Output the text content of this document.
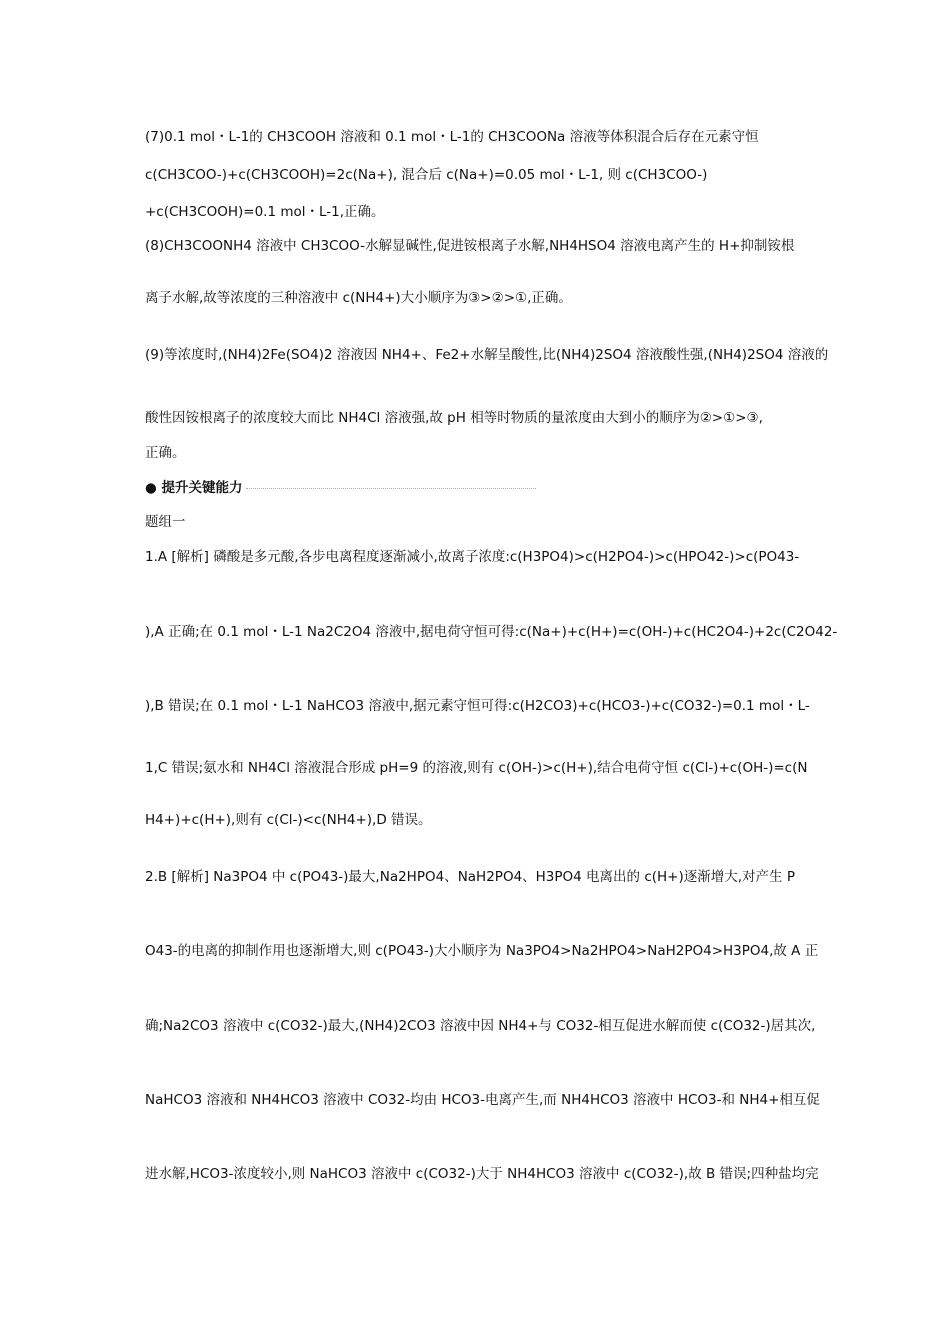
(7)0.1 mol・L-1的 CH3COOH 溶液和 0.1 mol・L-1的 CH3COONa 溶液等体积混合后存在元素守恒
c(CH3COO-)+c(CH3COOH)=2c(Na+), 混合后 c(Na+)=0.05 mol・L-1, 则 c(CH3COO-)
+c(CH3COOH)=0.1 mol・L-1,正确。
(8)CH3COONH4 溶液中 CH3COO-水解显碱性,促进铵根离子水解,NH4HSO4 溶液电离产生的 H+抑制铵根
离子水解,故等浓度的三种溶液中 c(NH4+)大小顺序为③>②>①,正确。
(9)等浓度时,(NH4)2Fe(SO4)2 溶液因 NH4+、Fe2+水解呈酸性,比(NH4)2SO4 溶液酸性强,(NH4)2SO4 溶液的
酸性因铵根离子的浓度较大而比 NH4Cl 溶液强,故 pH 相等时物质的量浓度由大到小的顺序为②>①>③,
正确。
● 提升关键能力
题组一
1.A [解析] 磷酸是多元酸,各步电离程度逐渐减小,故离子浓度:c(H3PO4)>c(H2PO4-)>c(HPO42-)>c(PO43-
),A 正确;在 0.1 mol・L-1 Na2C2O4 溶液中,据电荷守恒可得:c(Na+)+c(H+)=c(OH-)+c(HC2O4-)+2c(C2O42-
),B 错误;在 0.1 mol・L-1 NaHCO3 溶液中,据元素守恒可得:c(H2CO3)+c(HCO3-)+c(CO32-)=0.1 mol・L-
1,C 错误;氨水和 NH4Cl 溶液混合形成 pH=9 的溶液,则有 c(OH-)>c(H+),结合电荷守恒 c(Cl-)+c(OH-)=c(N
H4+)+c(H+),则有 c(Cl-)<c(NH4+),D 错误。
2.B [解析] Na3PO4 中 c(PO43-)最大,Na2HPO4、NaH2PO4、H3PO4 电离出的 c(H+)逐渐增大,对产生 P
O43-的电离的抑制作用也逐渐增大,则 c(PO43-)大小顺序为 Na3PO4>Na2HPO4>NaH2PO4>H3PO4,故 A 正
确;Na2CO3 溶液中 c(CO32-)最大,(NH4)2CO3 溶液中因 NH4+与 CO32-相互促进水解而使 c(CO32-)居其次,
NaHCO3 溶液和 NH4HCO3 溶液中 CO32-均由 HCO3-电离产生,而 NH4HCO3 溶液中 HCO3-和 NH4+相互促
进水解,HCO3-浓度较小,则 NaHCO3 溶液中 c(CO32-)大于 NH4HCO3 溶液中 c(CO32-),故 B 错误;四种盐均完
